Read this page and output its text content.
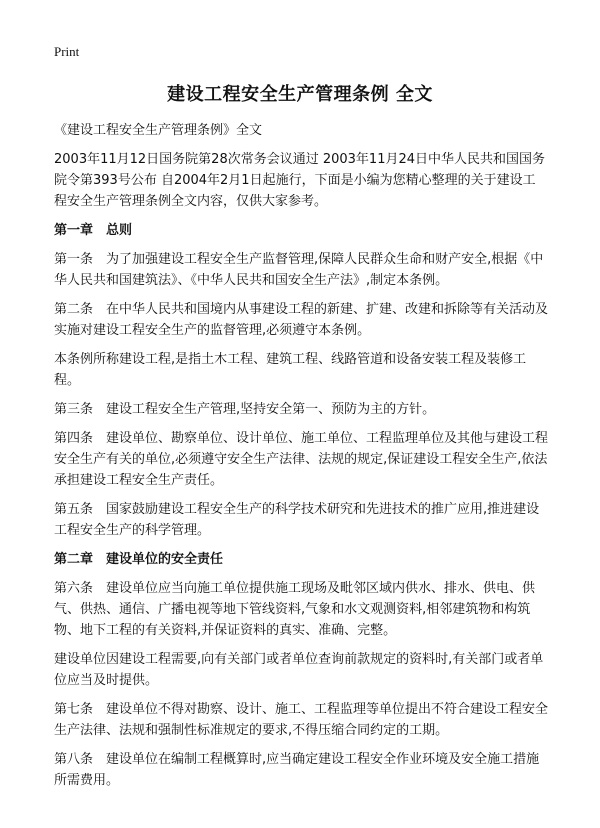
Print
建设工程安全生产管理条例 全文

《建设工程安全生产管理条例》全文

2003年11月12日国务院第28次常务会议通过 2003年11月24日中华人民共和国国务院令第393号公布 自2004年2月1日起施行，下面是小编为您精心整理的关于建设工程安全生产管理条例全文内容，仅供大家参考。

第一章　总则

第一条　为了加强建设工程安全生产监督管理,保障人民群众生命和财产安全,根据《中华人民共和国建筑法》、《中华人民共和国安全生产法》,制定本条例。

第二条　在中华人民共和国境内从事建设工程的新建、扩建、改建和拆除等有关活动及实施对建设工程安全生产的监督管理,必须遵守本条例。

本条例所称建设工程,是指土木工程、建筑工程、线路管道和设备安装工程及装修工程。

第三条　建设工程安全生产管理,坚持安全第一、预防为主的方针。

第四条　建设单位、勘察单位、设计单位、施工单位、工程监理单位及其他与建设工程安全生产有关的单位,必须遵守安全生产法律、法规的规定,保证建设工程安全生产,依法承担建设工程安全生产责任。

第五条　国家鼓励建设工程安全生产的科学技术研究和先进技术的推广应用,推进建设工程安全生产的科学管理。

第二章　建设单位的安全责任

第六条　建设单位应当向施工单位提供施工现场及毗邻区域内供水、排水、供电、供气、供热、通信、广播电视等地下管线资料,气象和水文观测资料,相邻建筑物和构筑物、地下工程的有关资料,并保证资料的真实、准确、完整。

建设单位因建设工程需要,向有关部门或者单位查询前款规定的资料时,有关部门或者单位应当及时提供。

第七条　建设单位不得对勘察、设计、施工、工程监理等单位提出不符合建设工程安全生产法律、法规和强制性标准规定的要求,不得压缩合同约定的工期。

第八条　建设单位在编制工程概算时,应当确定建设工程安全作业环境及安全施工措施所需费用。
